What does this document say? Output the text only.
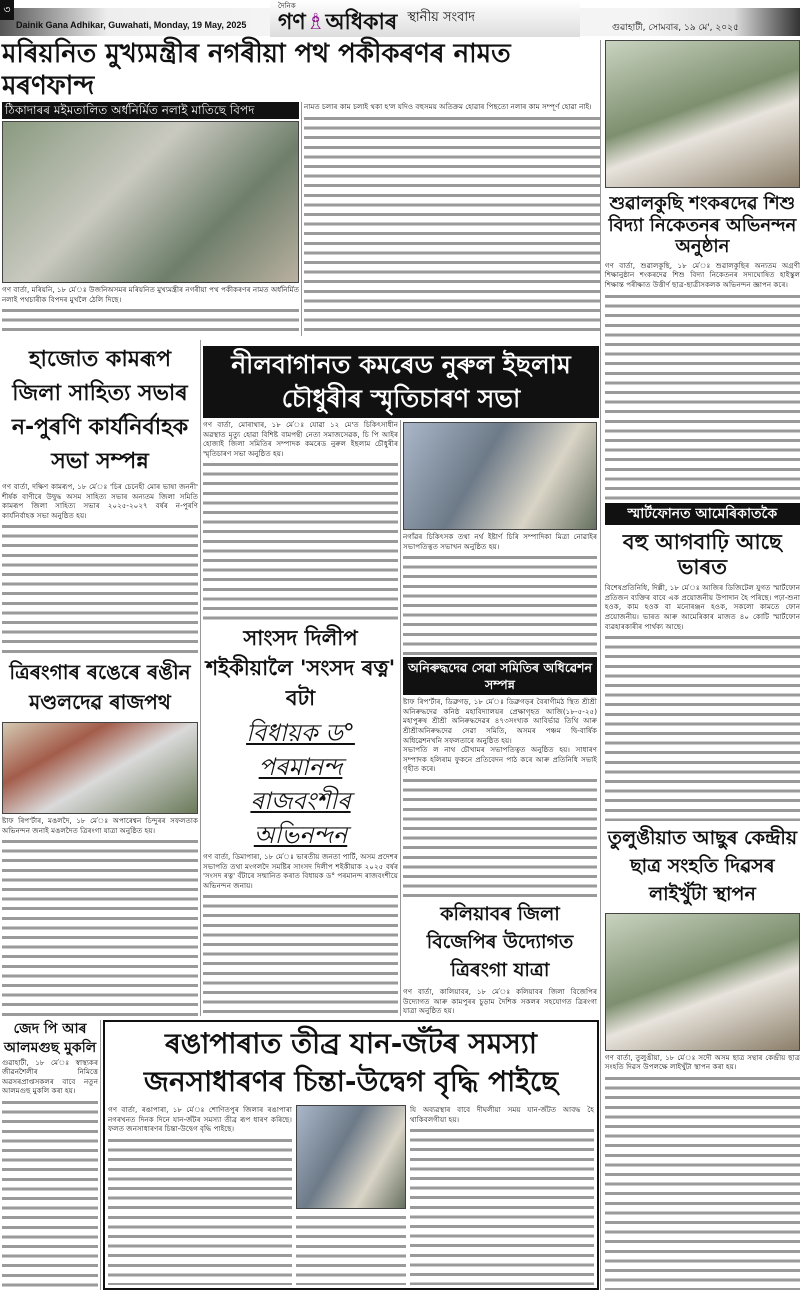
৩
Dainik Gana Adhikar, Guwahati, Monday, 19 May, 2025
দৈনিক
গণ♗অধিকাৰ স্থানীয় সংবাদ
গুৱাহাটী, সোমবাৰ, ১৯ মে', ২০২৫
মৰিয়নিত মুখ্যমন্ত্ৰীৰ নগৰীয়া পথ পকীকৰণৰ নামত মৰণফান্দ
ঠিকাদাৰৰ মইমতালিত অৰ্ধনিৰ্মিত নলাই মাতিছে বিপদ
গণ বাৰ্তা, মৰিয়নি, ১৮ মে'ঃ উজনিঅসমৰ মৰিয়নিত মুখ্যমন্ত্ৰীৰ নগৰীয়া পথ পকীকৰণৰ নামত অৰ্ধনিৰ্মিত নলাই পথচাৰীক বিপদৰ মুখলৈ ঠেলি দিছে।
নামত চলাৰ কাম চলাই থকা হ'ল যদিও বহুসময় অতিক্ৰম হোৱাৰ পিছতো নলাৰ কাম সম্পূৰ্ণ হোৱা নাই।
হাজোত কামৰূপ জিলা সাহিত্য সভাৰ ন-পুৰণি কাৰ্যনিৰ্বাহক সভা সম্পন্ন
গণ বাৰ্তা, দক্ষিণ কামৰূপ, ১৮ মে'ঃ 'চিৰ চেনেহী মোৰ ভাষা জননী' শীৰ্ষক বাণীৰে উদ্বুদ্ধ অসম সাহিত্য সভাৰ অন্যতম জিলা সমিতি কামৰূপ জিলা সাহিত্য সভাৰ ২০২৫-২০২৭ বৰ্ষৰ ন-পুৰণি কাৰ্যনিৰ্বাহক সভা অনুষ্ঠিত হয়।
ত্ৰিৰংগাৰ ৰঙেৰে ৰঙীন মণ্ডলদেৱ ৰাজপথ
ষ্টাফ ৰিপ'ৰ্টাৰ, মঙলদৈ, ১৮ মে'ঃ অপাৰেশ্বন চিন্দুৰৰ সফলতাক অভিনন্দন জনাই মঙলদৈত ত্ৰিৰংগা যাত্ৰা অনুষ্ঠিত হয়।
নীলবাগানত কমৰেড নুৰুল ইছলাম চৌধুৰীৰ স্মৃতিচাৰণ সভা
গণ বাৰ্তা, মোৰাথাৰ, ১৮ মে'ঃ যোৱা ১২ মে'ত চিকিৎসাধীন অৱস্থাত মৃত্যু হোৱা বিশিষ্ট বামপন্থী নেতা সমাজসেৱক, চি পি আইৰ হোজাই জিলা সমিতিৰ সম্পাদক কমৰেড নুৰুল ইছলাম চৌধুৰীৰ স্মৃতিচাৰণ সভা অনুষ্ঠিত হয়।
সাংসদ দিলীপ শইকীয়ালৈ 'সংসদ ৰত্ন' বটা
বিধায়ক ড°
পৰমানন্দ
ৰাজবংশীৰ
অভিনন্দন
গণ বাৰ্তা, ডিমাপাৰা, ১৮ মে'ঃ ভাৰতীয় জনতা পাৰ্টি, অসম প্ৰদেশৰ সভাপতি তথা মংগলদৈ সমষ্টিৰ সাংসদ দিলীপ শইকীয়াক ২০২৫ বৰ্ষৰ 'সংসদ ৰত্ন' বঁটাৰে সন্মানিত কৰাত বিধায়ক ড° পৰমানন্দ ৰাজবংশীয়ে অভিনন্দন জনায়।
নগাঁৱৰ চিকিৎসক তথা নৰ্থ ইষ্টাৰ্ণ চিৰি সম্পাদিকা মিত্ৰা নোৱাইৰ সভাপতিত্বত সভাখন অনুষ্ঠিত হয়।
অনিৰুদ্ধদেৱ সেৱা সমিতিৰ অধিৱেশন সম্পন্ন
ষ্টাফ ৰিপ'ৰ্টাৰ, ডিব্ৰুগড়, ১৮ মে'ঃ ডিব্ৰুগড়ৰ বৈৰাগীমঠ স্থিত শ্ৰীশ্ৰী অনিৰুদ্ধদেৱ কনিষ্ঠ মহাবিদ্যালয়ৰ প্ৰেক্ষাগৃহত আজি(১৮-৫-২৫) মহাপুৰুষ শ্ৰীশ্ৰী অনিৰুদ্ধদেৱৰ ৪৭৩সংখ্যক আবিৰ্ভাৱ তিথি আৰু শ্ৰীশ্ৰীঅনিৰুদ্ধদেৱ সেৱা সমিতি, অসমৰ পঞ্চম দ্বি-বাৰ্ষিক অধিৱেশনখনি সফলতাৰে অনুষ্ঠিত হয়।
সভাপতি ল নাথ চৌখামৰ সভাপতিত্বত অনুষ্ঠিত হয়। সাধাৰণ সম্পাদক হলিৰাম ফুকনে প্ৰতিবেদন পাঠ কৰে আৰু প্ৰতিনিধি সভাই গৃহীত কৰে।
কলিয়াবৰ জিলা বিজেপিৰ উদ্যোগত ত্ৰিৰংগা যাত্ৰা
গণ বাৰ্তা, কালিয়াবৰ, ১৮ মে'ঃ কলিয়াবৰ জিলা বিজেপিৰ উদ্যোগত আৰু কামপুৰৰ চুড়াম দৈশিক সকলৰ সহযোগত ত্ৰিৰংগা যাত্ৰা অনুষ্ঠিত হয়।
জেদ পি আৰ
আলমগুছ মুকলি
গুৱাহাটী, ১৮ মে'ঃ স্বাস্থ্যকৰ জীৱনশৈলীৰ নিমিত্তে অৱসৰপ্ৰাপ্তসকলৰ বাবে নতুন আলমগুছ মুকলি কৰা হয়।
ৰঙাপাৰাত তীব্ৰ যান-জঁটৰ সমস্যা
জনসাধাৰণৰ চিন্তা-উদ্বেগ বৃদ্ধি পাইছে
গণ বাৰ্তা, ৰঙাপাৰা, ১৮ মে'ঃ শোণিতপুৰ জিলাৰ ৰঙাপাৰা নগৰখনত দিনক দিনে যান-জঁটৰ সমস্যা তীব্ৰ ৰূপ ধাৰণ কৰিছে। ফলত জনসাধাৰণৰ চিন্তা-উদ্বেগ বৃদ্ধি পাইছে।
যি অব্যৱস্থাৰ বাবে দীঘলীয়া সময় যান-জঁটত আবদ্ধ হৈ থাকিবলগীয়া হয়।
শুৱালকুছি শংকৰদেৱ শিশু বিদ্যা নিকেতনৰ অভিনন্দন অনুষ্ঠান
গণ বাৰ্তা, শুৱালকুছি, ১৮ মে'ঃ শুৱালকুছিৰ অন্যতম অগ্ৰণী শিক্ষানুষ্ঠান শংকৰদেৱ শিশু বিদ্যা নিকেতনৰ সদ্যঘোষিত হাইস্কুল শিক্ষান্ত পৰীক্ষাত উত্তীৰ্ণ ছাত্ৰ-ছাত্ৰীসকলক অভিনন্দন জ্ঞাপন কৰে।
স্মাৰ্টফোনত আমেৰিকাতকৈ
বহু আগবাঢ়ি আছে ভাৰত
বিশেষপ্ৰতিনিধি, দিল্লী, ১৮ মে'ঃ আজিৰ ডিজিটেল যুগত স্মাৰ্টফোন প্ৰতিজন ব্যক্তিৰ বাবে এক প্ৰয়োজনীয় উপাদান হৈ পৰিছে। পঢ়া-শুনা হওক, কাম হওক বা মনোৰঞ্জন হওক, সকলো কামতে ফোন প্ৰয়োজনীয়। ভাৰত আৰু আমেৰিকাৰ মাজত ৪০ কোটি স্মাৰ্টফোন ব্যৱহাৰকাৰীৰ পাৰ্থক্য আছে।
তুলুঙীয়াত আছুৰ কেন্দ্ৰীয় ছাত্ৰ সংহতি দিৱসৰ লাইখুঁটা স্থাপন
গণ বাৰ্তা, তুলুঙীয়া, ১৮ মে'ঃ সদৌ অসম ছাত্ৰ সন্থাৰ কেন্দ্ৰীয় ছাত্ৰ সংহতি দিৱস উপলক্ষে লাইখুঁটা স্থাপন কৰা হয়।
